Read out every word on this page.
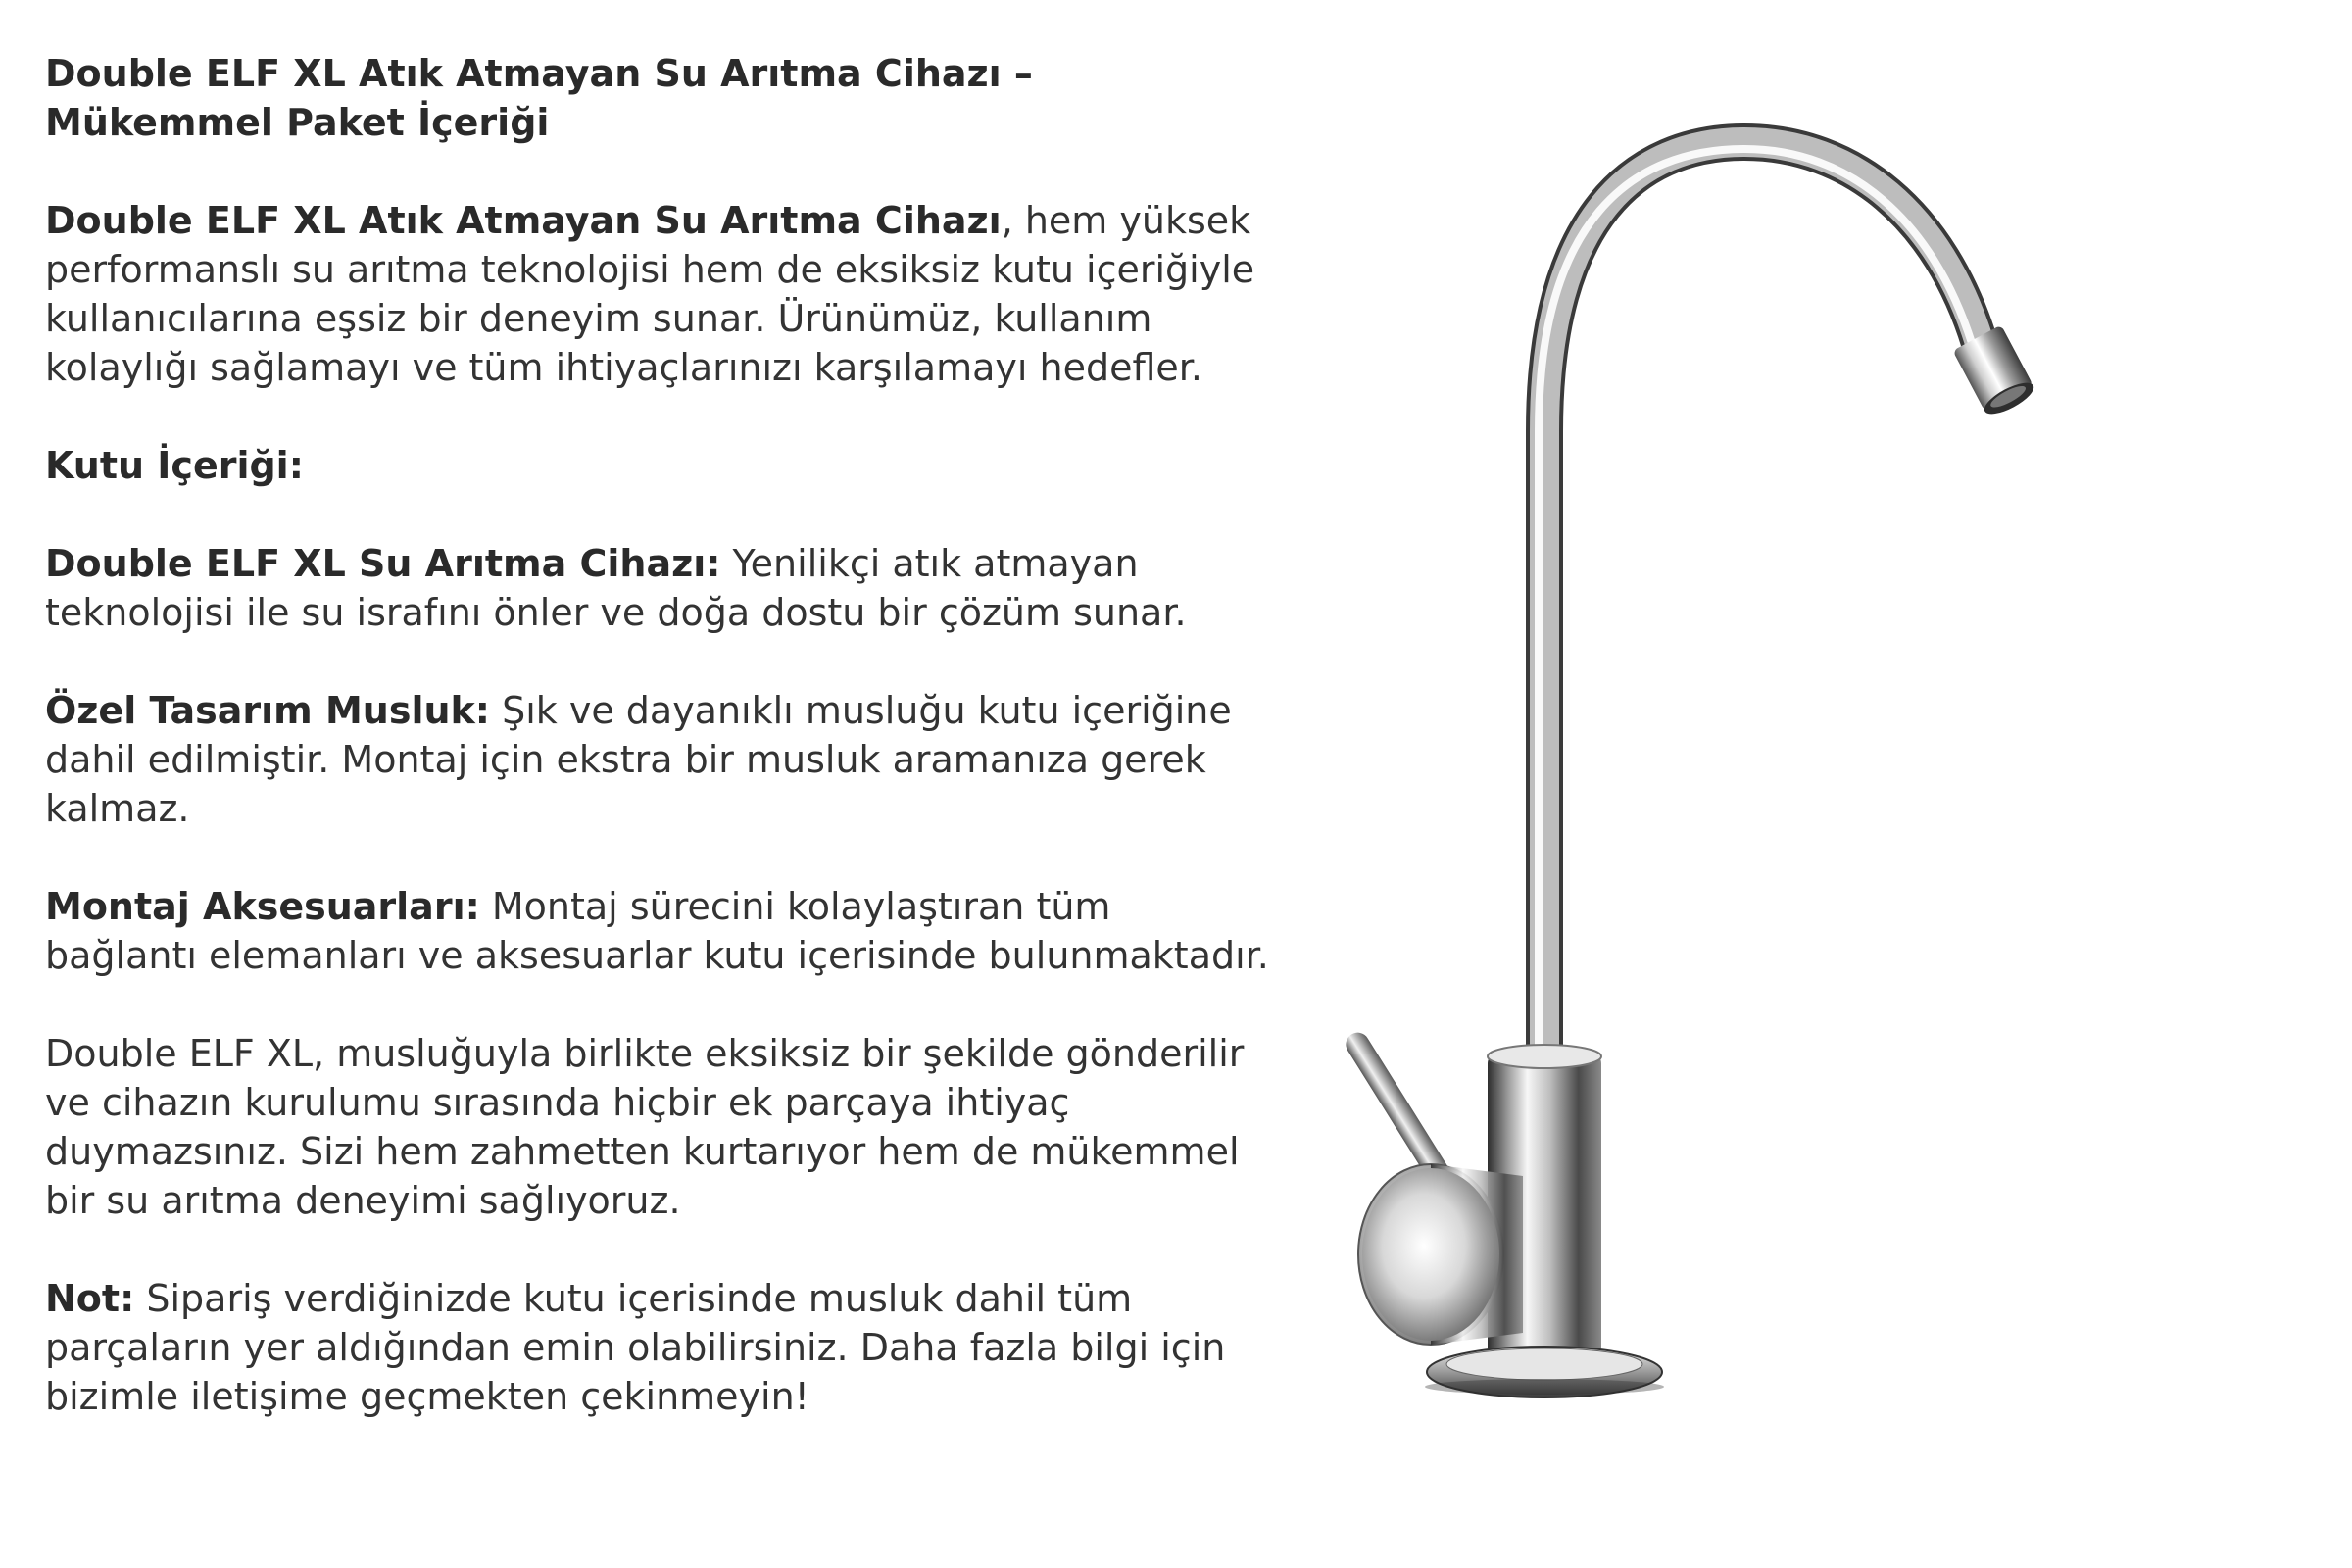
Double ELF XL Atık Atmayan Su Arıtma Cihazı – Mükemmel Paket İçeriği

Double ELF XL Atık Atmayan Su Arıtma Cihazı, hem yüksek performanslı su arıtma teknolojisi hem de eksiksiz kutu içeriğiyle kullanıcılarına eşsiz bir deneyim sunar. Ürünümüz, kullanım kolaylığı sağlamayı ve tüm ihtiyaçlarınızı karşılamayı hedefler.

Kutu İçeriği:

Double ELF XL Su Arıtma Cihazı: Yenilikçi atık atmayan teknolojisi ile su israfını önler ve doğa dostu bir çözüm sunar.

Özel Tasarım Musluk: Şık ve dayanıklı musluğu kutu içeriğine dahil edilmiştir. Montaj için ekstra bir musluk aramanıza gerek kalmaz.

Montaj Aksesuarları: Montaj sürecini kolaylaştıran tüm bağlantı elemanları ve aksesuarlar kutu içerisinde bulunmaktadır.

Double ELF XL, musluğuyla birlikte eksiksiz bir şekilde gönderilir ve cihazın kurulumu sırasında hiçbir ek parçaya ihtiyaç duymazsınız. Sizi hem zahmetten kurtarıyor hem de mükemmel bir su arıtma deneyimi sağlıyoruz.

Not: Sipariş verdiğinizde kutu içerisinde musluk dahil tüm parçaların yer aldığından emin olabilirsiniz. Daha fazla bilgi için bizimle iletişime geçmekten çekinmeyin!
